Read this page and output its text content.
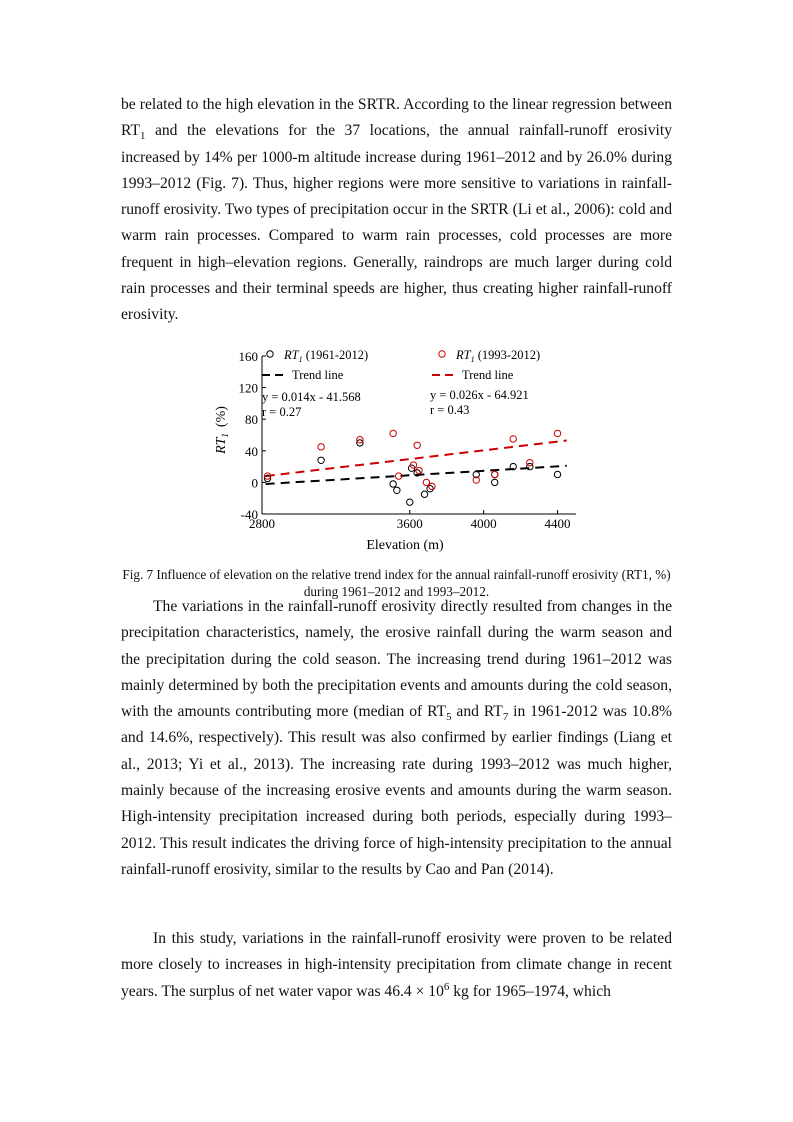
be related to the high elevation in the SRTR. According to the linear regression between $RT_1$ and the elevations for the 37 locations, the annual rainfall-runoff erosivity increased by 14% per 1000-m altitude increase during 1961–2012 and by 26.0% during 1993–2012 (Fig. 7). Thus, higher regions were more sensitive to variations in rainfall-runoff erosivity. Two types of precipitation occur in the SRTR (Li et al., 2006): cold and warm rain processes. Compared to warm rain processes, cold processes are more frequent in high–elevation regions. Generally, raindrops are much larger during cold rain processes and their terminal speeds are higher, thus creating higher rainfall-runoff erosivity.

-40
0
40
80
120
160
2800	3600	4000	4400
$RT_1$ (1961-2012)	$RT_1$ (1993-2012)
Trend line	Trend line
y = 0.014x - 41.568
r = 0.27
y = 0.026x - 64.921
r = 0.43
$RT_1(\%)$
Elevation (m)

Fig. 7 Influence of elevation on the relative trend index for the annual rainfall-runoff erosivity (RT1, %) during 1961–2012 and 1993–2012.

The variations in the rainfall-runoff erosivity directly resulted from changes in the precipitation characteristics, namely, the erosive rainfall during the warm season and the precipitation during the cold season. The increasing trend during 1961–2012 was mainly determined by both the precipitation events and amounts during the cold season, with the amounts contributing more (median of $RT_5$ and $RT_7$ in 1961-2012 was 10.8% and 14.6%, respectively). This result was also confirmed by earlier findings (Liang et al., 2013; Yi et al., 2013). The increasing rate during 1993–2012 was much higher, mainly because of the increasing erosive events and amounts during the warm season. High-intensity precipitation increased during both periods, especially during 1993–2012. This result indicates the driving force of high-intensity precipitation to the annual rainfall-runoff erosivity, similar to the results by Cao and Pan (2014).

In this study, variations in the rainfall-runoff erosivity were proven to be related more closely to increases in high-intensity precipitation from climate change in recent years. The surplus of net water vapor was $46.4 \times 10^6$ kg for 1965–1974, which
